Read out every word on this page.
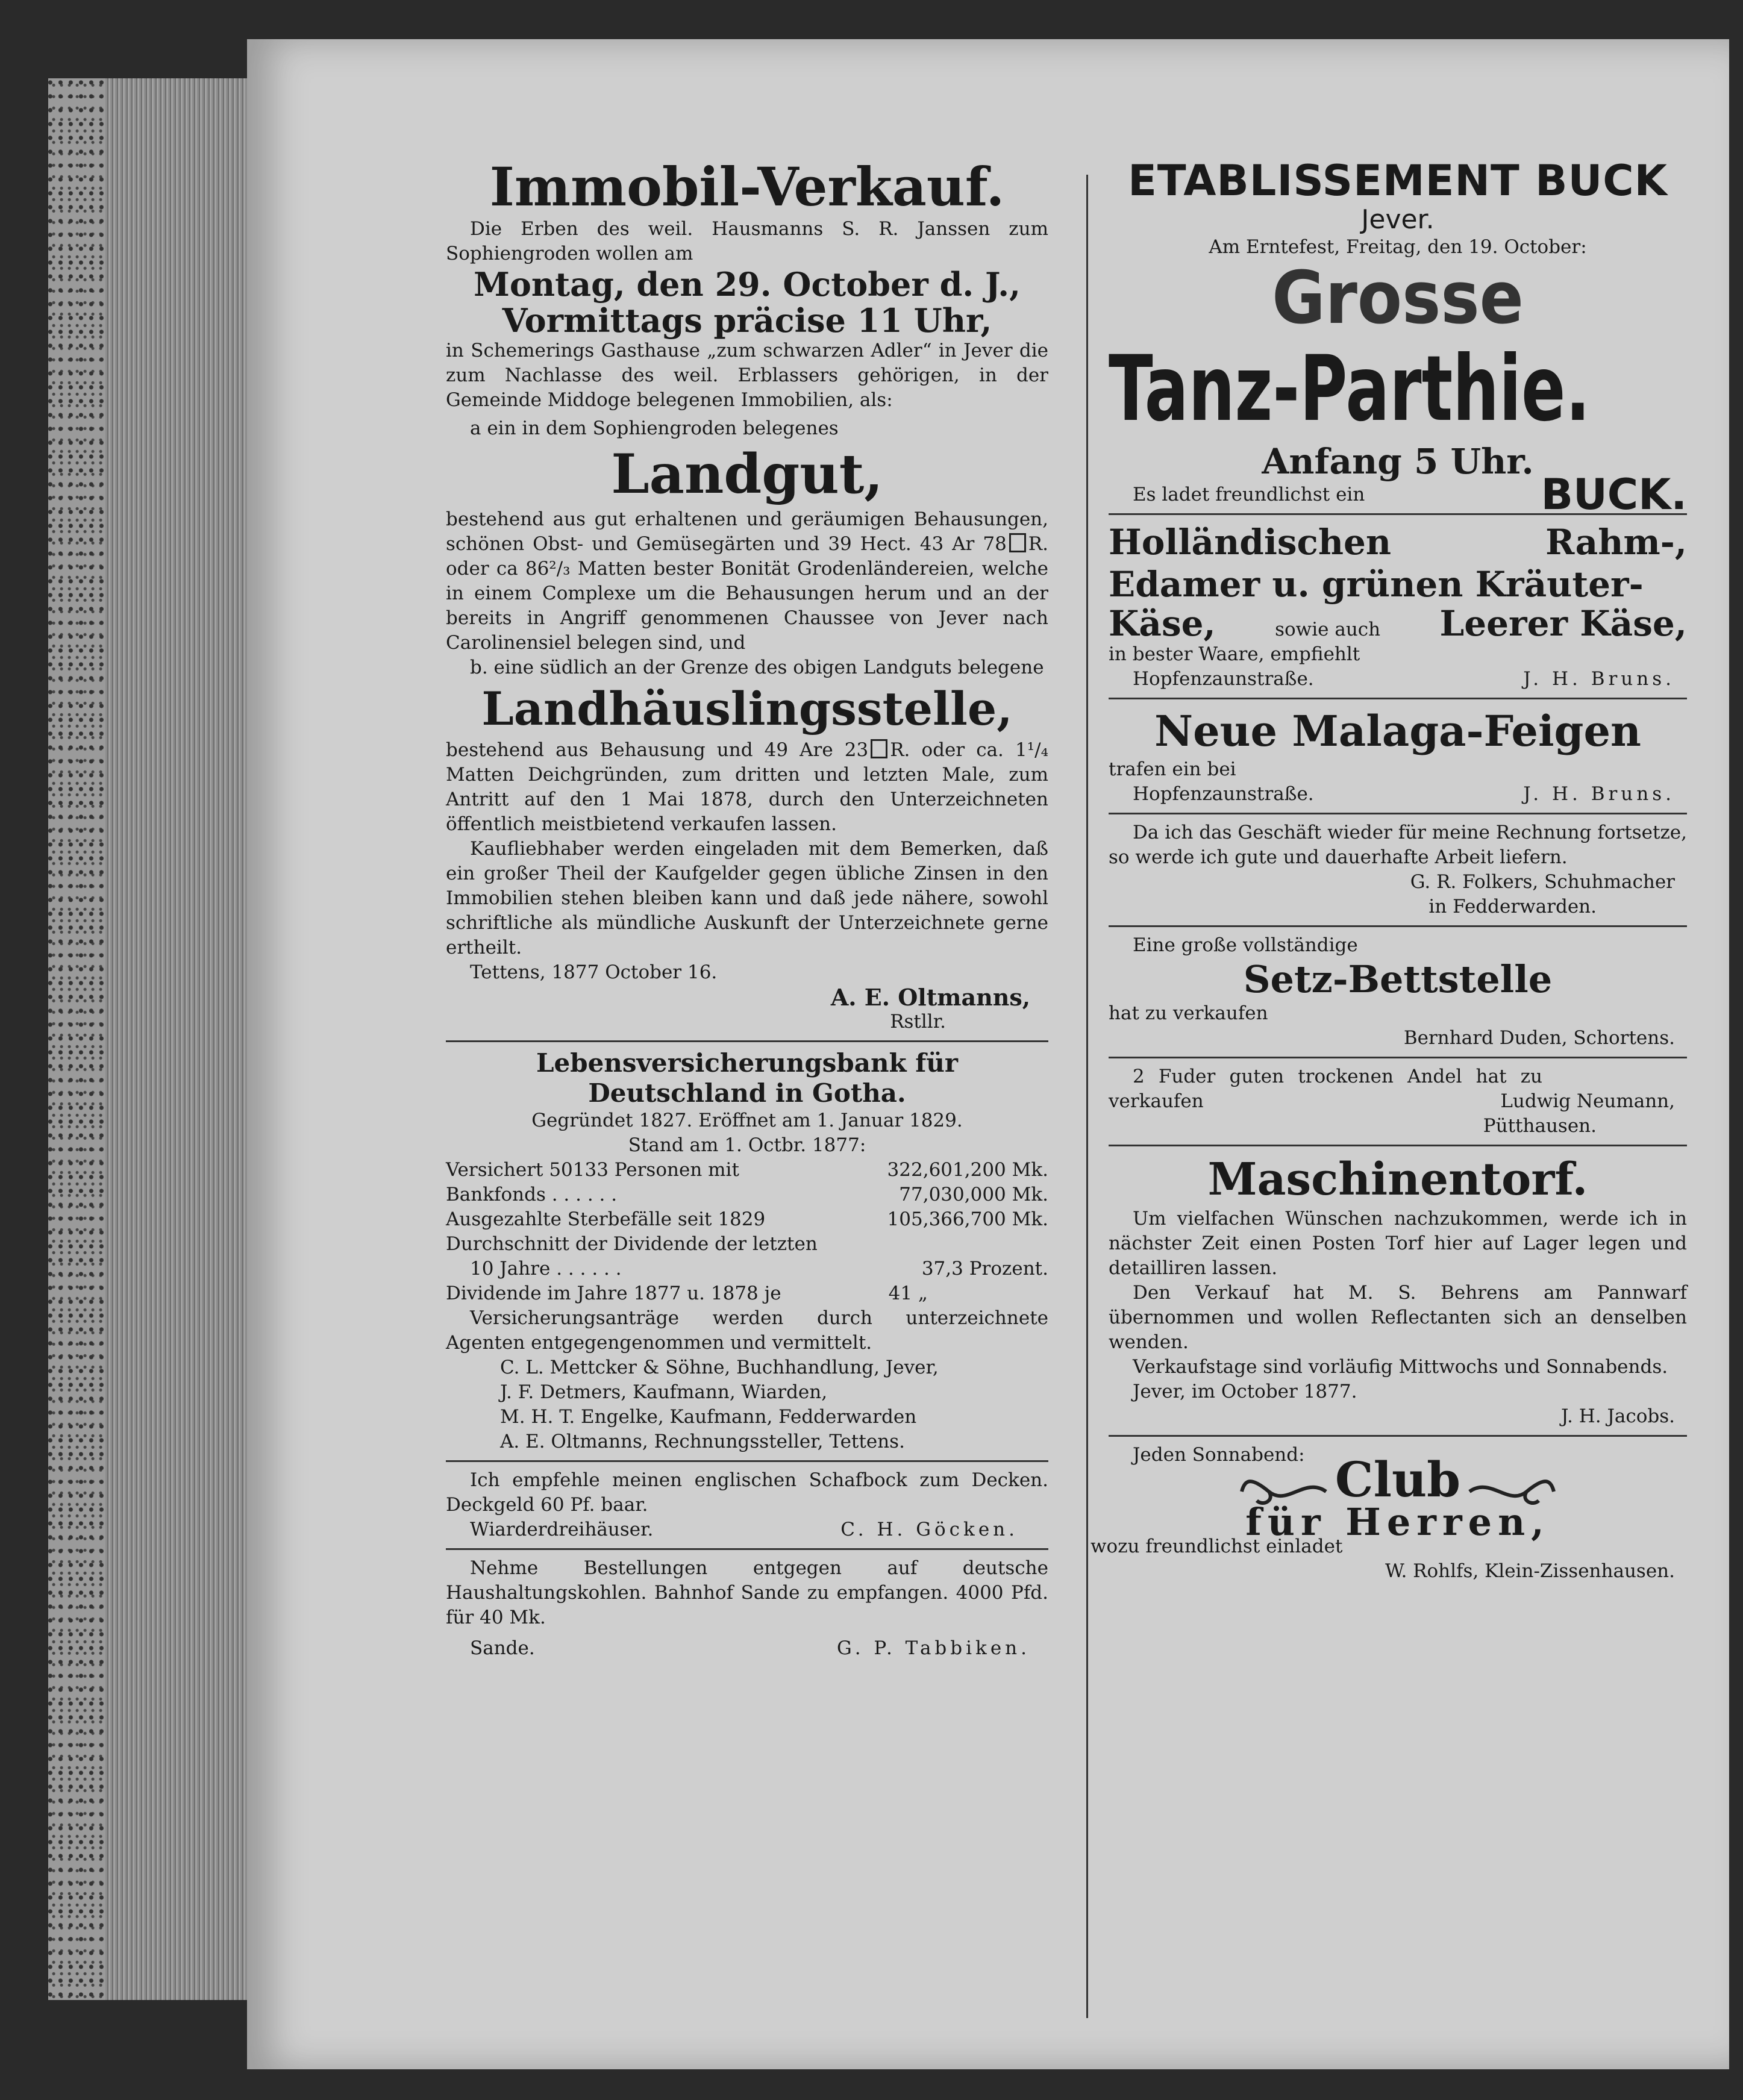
Immobil-Verkauf.
Die Erben des weil. Hausmanns S. R. Janssen zum Sophiengroden wollen am
Montag, den 29. October d. J.,
Vormittags präcise 11 Uhr,
in Schemerings Gasthause „zum schwarzen Adler“ in Jever die zum Nachlasse des weil. Erblassers gehörigen, in der Gemeinde Middoge belegenen Immobilien, als:
a ein in dem Sophiengroden belegenes
Landgut,
bestehend aus gut erhaltenen und geräumigen Behausungen, schönen Obst- und Gemüsegärten und 39 Hect. 43 Ar 78 R. oder ca 86²/₃ Matten bester Bonität Grodenländereien, welche in einem Complexe um die Behausungen herum und an der bereits in Angriff genommenen Chaussee von Jever nach Carolinensiel belegen sind, und
b. eine südlich an der Grenze des obigen Landguts belegene
Landhäuslingsstelle,
bestehend aus Behausung und 49 Are 23 R. oder ca. 1¹/₄ Matten Deichgründen, zum dritten und letzten Male, zum Antritt auf den 1 Mai 1878, durch den Unterzeichneten öffentlich meistbietend verkaufen lassen.
Kaufliebhaber werden eingeladen mit dem Bemerken, daß ein großer Theil der Kaufgelder gegen übliche Zinsen in den Immobilien stehen bleiben kann und daß jede nähere, sowohl schriftliche als mündliche Auskunft der Unterzeichnete gerne ertheilt.
Tettens, 1877 October 16.
A. E. Oltmanns,
Rstllr.
Lebensversicherungsbank für Deutschland in Gotha.
Gegründet 1827. Eröffnet am 1. Januar 1829.
Stand am 1. Octbr. 1877:
Versichert 50133 Personen mit	322,601,200 Mk.
Bankfonds . . . . . .	77,030,000 Mk.
Ausgezahlte Sterbefälle seit 1829	105,366,700 Mk.
Durchschnitt der Dividende der letzten
10 Jahre . . . . . .	37,3 Prozent.
Dividende im Jahre 1877 u. 1878 je	41 „
Versicherungsanträge werden durch unterzeichnete Agenten entgegengenommen und vermittelt.
C. L. Mettcker & Söhne, Buchhandlung, Jever,
J. F. Detmers, Kaufmann, Wiarden,
M. H. T. Engelke, Kaufmann, Fedderwarden
A. E. Oltmanns, Rechnungssteller, Tettens.
Ich empfehle meinen englischen Schafbock zum Decken. Deckgeld 60 Pf. baar.
Wiarderdreihäuser.	C. H. Göcken.
Nehme Bestellungen entgegen auf deutsche Haushaltungskohlen. Bahnhof Sande zu empfangen. 4000 Pfd. für 40 Mk.
Sande.	G. P. Tabbiken.
ETABLISSEMENT BUCK
Jever.
Am Erntefest, Freitag, den 19. October:
Grosse
Tanz-Parthie.
Anfang 5 Uhr.
Es ladet freundlichst ein	BUCK.
Holländischen	Rahm-,
Edamer u. grünen Kräuter-
Käse,	sowie auch Leerer Käse,
in bester Waare, empfiehlt
Hopfenzaunstraße.	J. H. Bruns.
Neue Malaga-Feigen
trafen ein bei
Hopfenzaunstraße.	J. H. Bruns.
Da ich das Geschäft wieder für meine Rechnung fortsetze, so werde ich gute und dauerhafte Arbeit liefern.
G. R. Folkers, Schuhmacher
in Fedderwarden.
Eine große vollständige
Setz-Bettstelle
hat zu verkaufen
Bernhard Duden, Schortens.
2 Fuder guten trockenen Andel hat zu verkaufen	Ludwig Neumann,
Pütthausen.
Maschinentorf.
Um vielfachen Wünschen nachzukommen, werde ich in nächster Zeit einen Posten Torf hier auf Lager legen und detailliren lassen.
Den Verkauf hat M. S. Behrens am Pannwarf übernommen und wollen Reflectanten sich an denselben wenden.
Verkaufstage sind vorläufig Mittwochs und Sonnabends.
Jever, im October 1877.
J. H. Jacobs.
Jeden Sonnabend: Club
für Herren,
wozu freundlichst einladet
W. Rohlfs, Klein-Zissenhausen.
